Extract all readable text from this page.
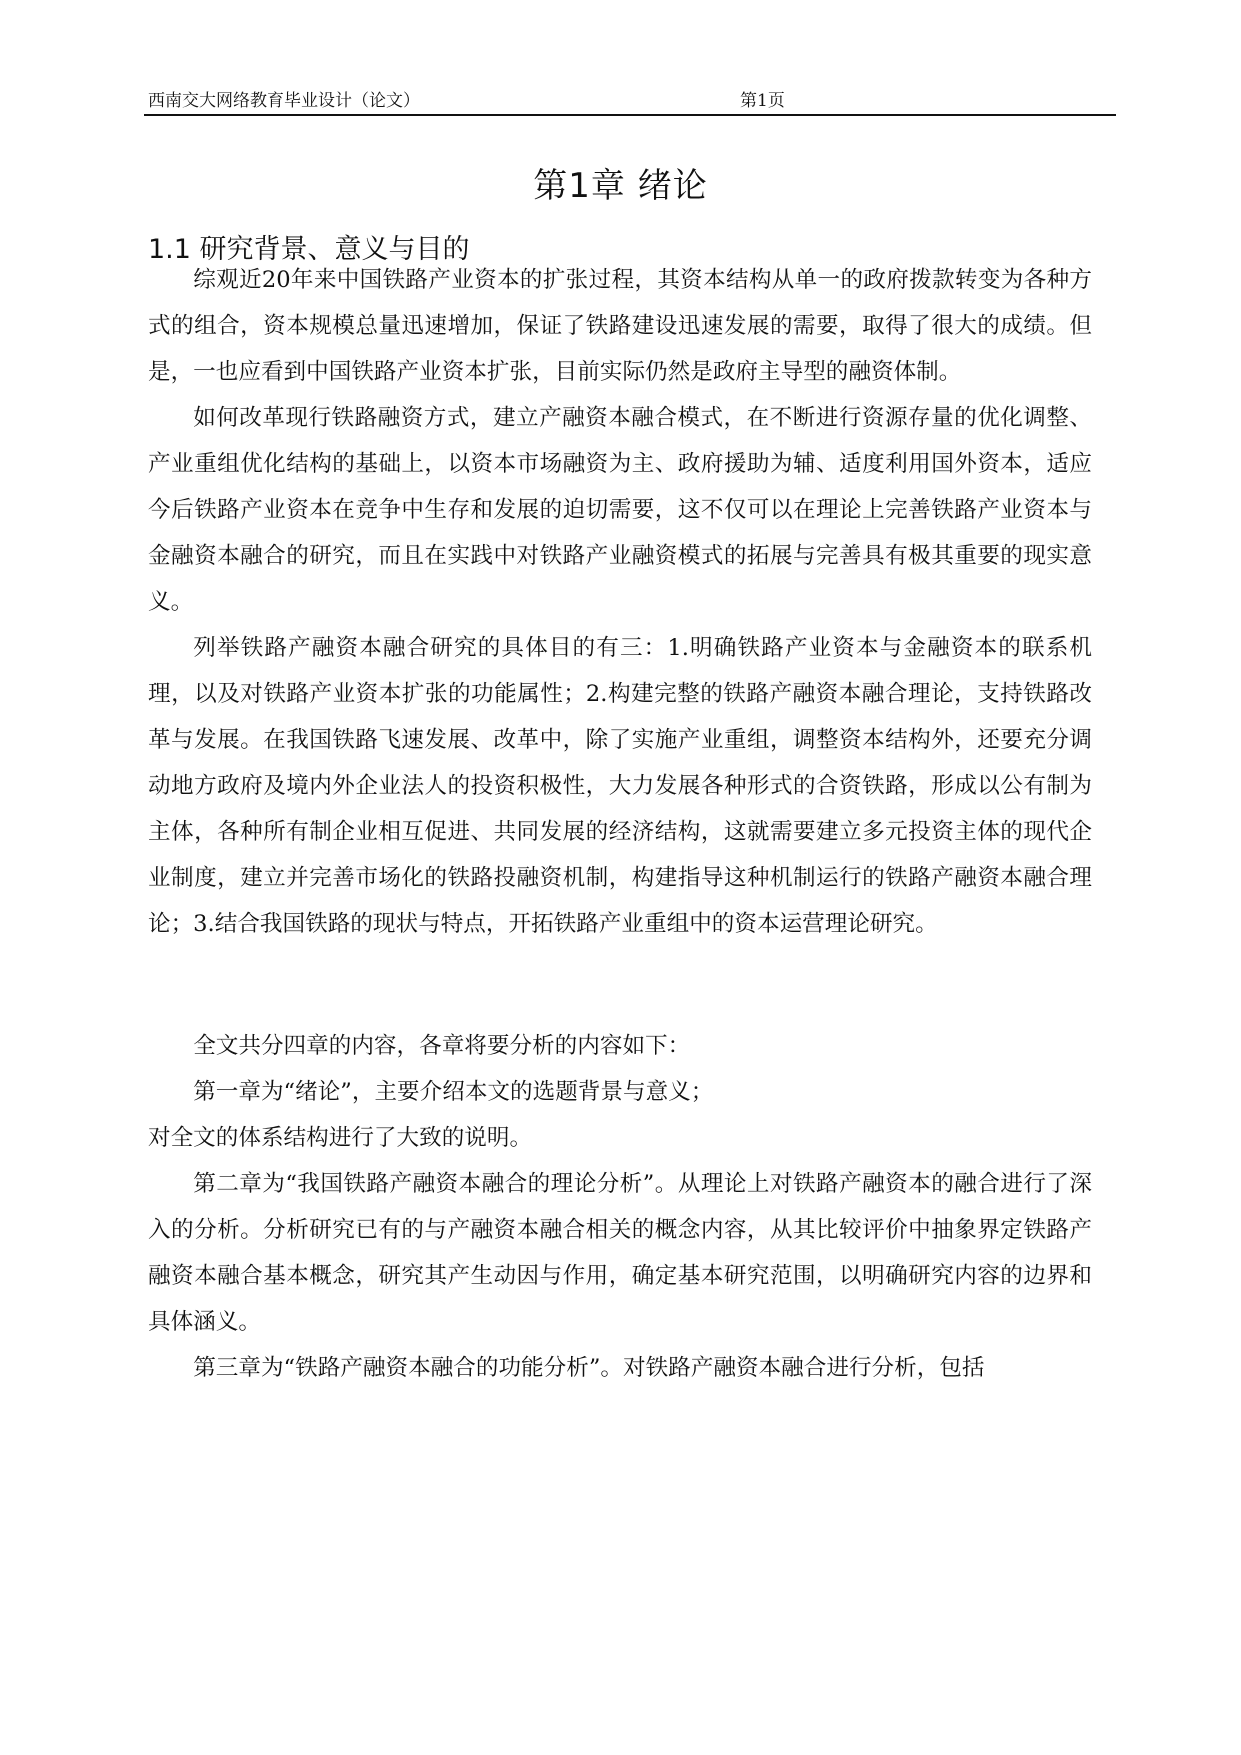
西南交大网络教育毕业设计（论文）	第1页
第1章 绪论
1.1 研究背景、意义与目的

综观近20年来中国铁路产业资本的扩张过程，其资本结构从单一的政府拨款转变为各种方式的组合，资本规模总量迅速增加，保证了铁路建设迅速发展的需要，取得了很大的成绩。但是，一也应看到中国铁路产业资本扩张，目前实际仍然是政府主导型的融资体制。

如何改革现行铁路融资方式，建立产融资本融合模式，在不断进行资源存量的优化调整、产业重组优化结构的基础上，以资本市场融资为主、政府援助为辅、适度利用国外资本，适应今后铁路产业资本在竞争中生存和发展的迫切需要，这不仅可以在理论上完善铁路产业资本与金融资本融合的研究，而且在实践中对铁路产业融资模式的拓展与完善具有极其重要的现实意义。

列举铁路产融资本融合研究的具体目的有三：1.明确铁路产业资本与金融资本的联系机理，以及对铁路产业资本扩张的功能属性；2.构建完整的铁路产融资本融合理论，支持铁路改革与发展。在我国铁路飞速发展、改革中，除了实施产业重组，调整资本结构外，还要充分调动地方政府及境内外企业法人的投资积极性，大力发展各种形式的合资铁路，形成以公有制为主体，各种所有制企业相互促进、共同发展的经济结构，这就需要建立多元投资主体的现代企业制度，建立并完善市场化的铁路投融资机制，构建指导这种机制运行的铁路产融资本融合理论；3.结合我国铁路的现状与特点，开拓铁路产业重组中的资本运营理论研究。

全文共分四章的内容，各章将要分析的内容如下：

第一章为“绪论”，主要介绍本文的选题背景与意义；

对全文的体系结构进行了大致的说明。

第二章为“我国铁路产融资本融合的理论分析”。从理论上对铁路产融资本的融合进行了深入的分析。分析研究已有的与产融资本融合相关的概念内容，从其比较评价中抽象界定铁路产融资本融合基本概念，研究其产生动因与作用，确定基本研究范围，以明确研究内容的边界和具体涵义。

第三章为“铁路产融资本融合的功能分析”。对铁路产融资本融合进行分析，包括
